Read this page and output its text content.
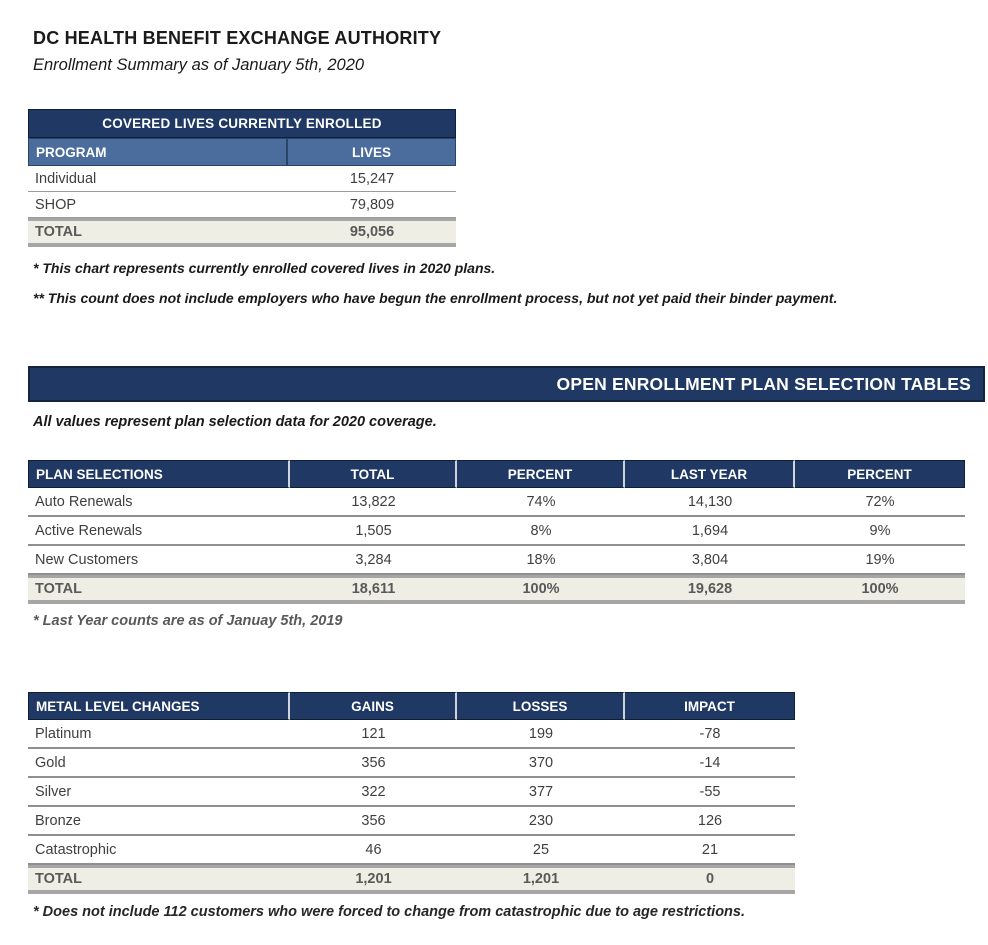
DC HEALTH BENEFIT EXCHANGE AUTHORITY
Enrollment Summary as of January 5th, 2020
COVERED LIVES CURRENTLY ENROLLED
PROGRAM	LIVES
Individual	15,247
SHOP	79,809
TOTAL	95,056
* This chart represents currently enrolled covered lives in 2020 plans.
** This count does not include employers who have begun the enrollment process, but not yet paid their binder payment.
OPEN ENROLLMENT PLAN SELECTION TABLES
All values represent plan selection data for 2020 coverage.
PLAN SELECTIONS	TOTAL	PERCENT	LAST YEAR	PERCENT
Auto Renewals	13,822	74%	14,130	72%
Active Renewals	1,505	8%	1,694	9%
New Customers	3,284	18%	3,804	19%
TOTAL	18,611	100%	19,628	100%
* Last Year counts are as of Januay 5th, 2019
METAL LEVEL CHANGES	GAINS	LOSSES	IMPACT
Platinum	121	199	-78
Gold	356	370	-14
Silver	322	377	-55
Bronze	356	230	126
Catastrophic	46	25	21
TOTAL	1,201	1,201	0
* Does not include 112 customers who were forced to change from catastrophic due to age restrictions.
